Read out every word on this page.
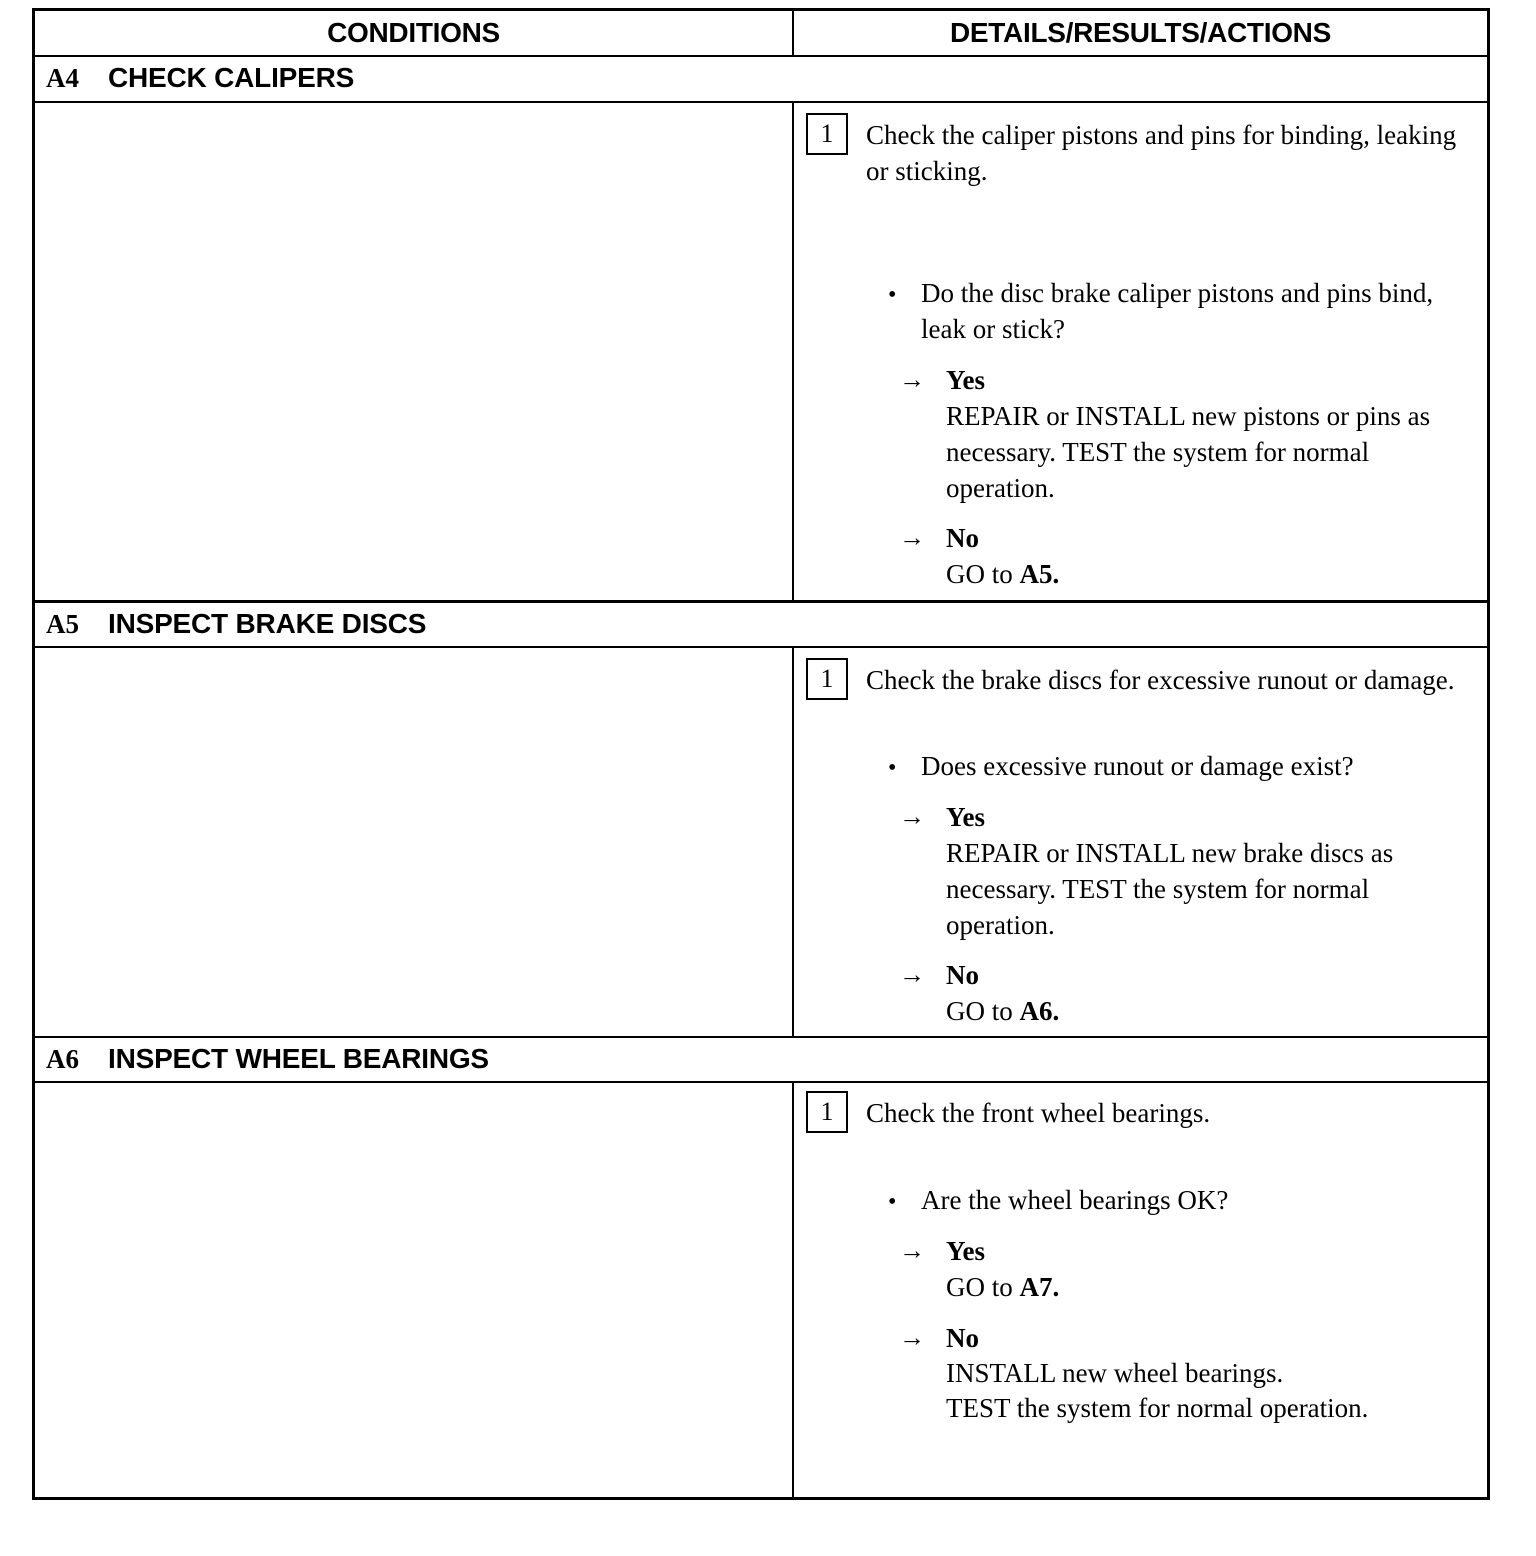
CONDITIONS	DETAILS/RESULTS/ACTIONS
A4 CHECK CALIPERS
1	Check the caliper pistons and pins for binding, leaking or sticking.
• Do the disc brake caliper pistons and pins bind, leak or stick?
→ Yes
REPAIR or INSTALL new pistons or pins as necessary. TEST the system for normal operation.
→ No
GO to A5.
A5 INSPECT BRAKE DISCS
1	Check the brake discs for excessive runout or damage.
• Does excessive runout or damage exist?
→ Yes
REPAIR or INSTALL new brake discs as necessary. TEST the system for normal operation.
→ No
GO to A6.
A6 INSPECT WHEEL BEARINGS
1	Check the front wheel bearings.
• Are the wheel bearings OK?
→ Yes
GO to A7.
→ No
INSTALL new wheel bearings.
TEST the system for normal operation.
